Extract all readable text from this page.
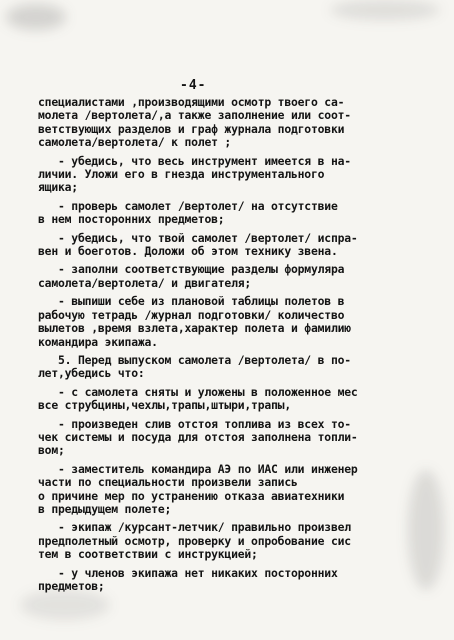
-4-
специалистами ,производящими осмотр твоего са-
молета /вертолета/,а также заполнение или соот-
ветствующих разделов и граф журнала подготовки
самолета/вертолета/ к полет ;
- убедись, что весь инструмент имеется в на-
личии. Уложи его в гнезда инструментального
ящика;
- проверь самолет /вертолет/ на отсутствие
в нем посторонних предметов;
- убедись, что твой самолет /вертолет/ испра-
вен и боеготов. Доложи об этом технику звена.
- заполни соответствующие разделы формуляра
самолета/вертолета/ и двигателя;
- выпиши себе из плановой таблицы полетов в
рабочую тетрадь /журнал подготовки/ количество
вылетов ,время взлета,характер полета и фамилию
командира экипажа.
5. Перед выпуском самолета /вертолета/ в по-
лет,убедись что:
- с самолета сняты и уложены в положенное мес
все струбцины,чехлы,трапы,штыри,трапы,
- произведен слив отстоя топлива из всех то-
чек системы и посуда для отстоя заполнена топли-
вом;
- заместитель командира АЭ по ИАС или инженер
части по специальности произвели запись
о причине мер по устранению отказа авиатехники
в предыдущем полете;
- экипаж /курсант-летчик/ правильно произвел
предполетный осмотр, проверку и опробование сис
тем в соответствии с инструкцией;
- у членов экипажа нет никаких посторонних
предметов;
